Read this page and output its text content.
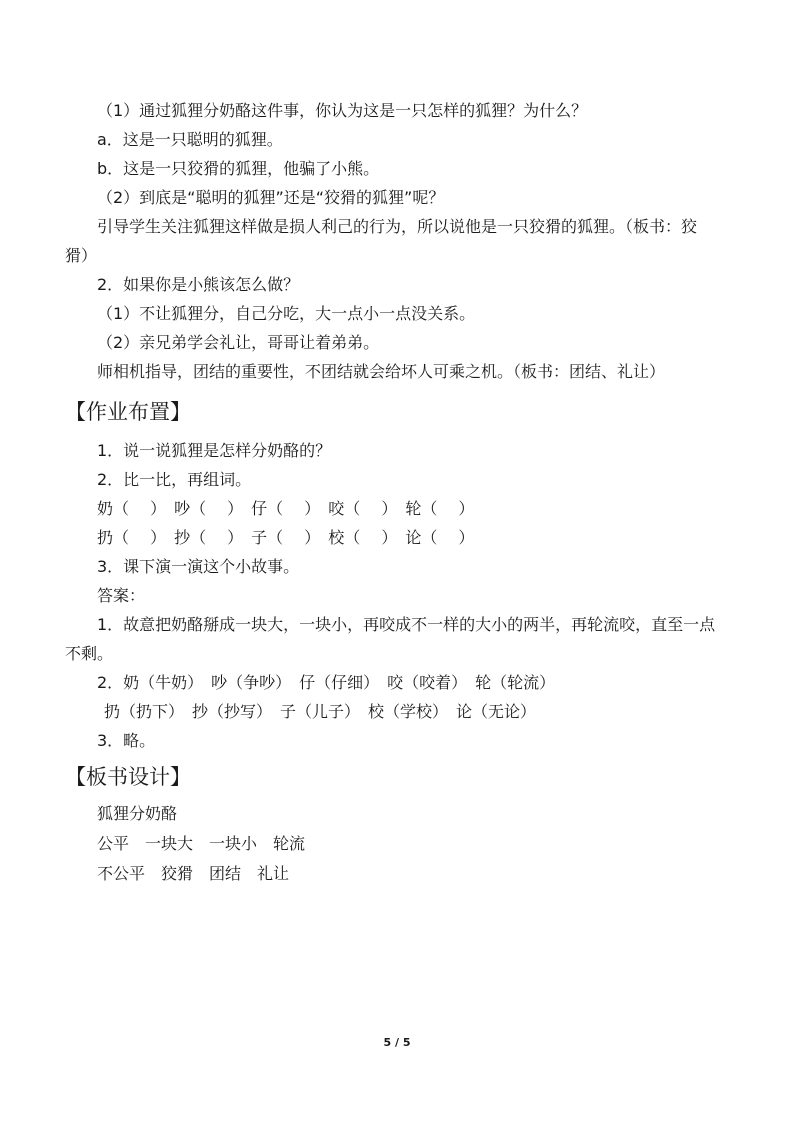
（1）通过狐狸分奶酪这件事，你认为这是一只怎样的狐狸？为什么？
a．这是一只聪明的狐狸。
b．这是一只狡猾的狐狸，他骗了小熊。
（2）到底是“聪明的狐狸”还是“狡猾的狐狸”呢？
引导学生关注狐狸这样做是损人利己的行为，所以说他是一只狡猾的狐狸。（板书：狡
猾）
2．如果你是小熊该怎么做？
（1）不让狐狸分，自己分吃，大一点小一点没关系。
（2）亲兄弟学会礼让，哥哥让着弟弟。
师相机指导，团结的重要性，不团结就会给坏人可乘之机。（板书：团结、礼让）
【作业布置】
1．说一说狐狸是怎样分奶酪的？
2．比一比，再组词。
奶（　 ）　吵（　 ）　仔（　 ）　咬（　 ）　轮（　 ）
扔（　 ）　抄（　 ）　子（　 ）　校（　 ）　论（　 ）
3．课下演一演这个小故事。
答案：
1．故意把奶酪掰成一块大，一块小，再咬成不一样的大小的两半，再轮流咬，直至一点
不剩。
2．奶（牛奶）　吵（争吵）　仔（仔细）　咬（咬着）　轮（轮流）
扔（扔下）　抄（抄写）　子（儿子）　校（学校）　论（无论）
3．略。
【板书设计】
狐狸分奶酪
公平　一块大　一块小　轮流
不公平　狡猾　团结　礼让
5 / 5
